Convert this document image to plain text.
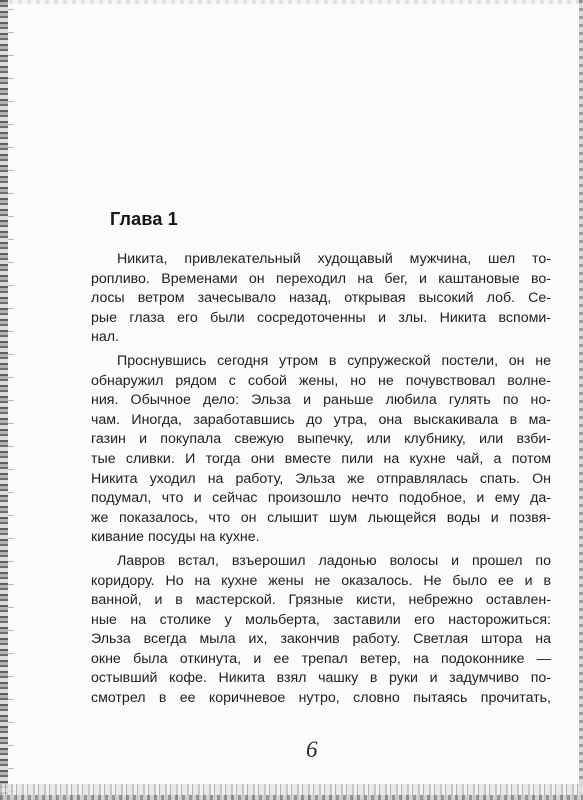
Глава 1

Никита, привлекательный худощавый мужчина, шел то-
ропливо. Временами он переходил на бег, и каштановые во-
лосы ветром зачесывало назад, открывая высокий лоб. Се-
рые глаза его были сосредоточенны и злы. Никита вспоми-
нал.

Проснувшись сегодня утром в супружеской постели, он не
обнаружил рядом с собой жены, но не почувствовал волне-
ния. Обычное дело: Эльза и раньше любила гулять по но-
чам. Иногда, заработавшись до утра, она выскакивала в ма-
газин и покупала свежую выпечку, или клубнику, или взби-
тые сливки. И тогда они вместе пили на кухне чай, а потом
Никита уходил на работу, Эльза же отправлялась спать. Он
подумал, что и сейчас произошло нечто подобное, и ему да-
же показалось, что он слышит шум льющейся воды и позвя-
кивание посуды на кухне.

Лавров встал, взъерошил ладонью волосы и прошел по
коридору. Но на кухне жены не оказалось. Не было ее и в
ванной, и в мастерской. Грязные кисти, небрежно оставлен-
ные на столике у мольберта, заставили его насторожиться:
Эльза всегда мыла их, закончив работу. Светлая штора на
окне была откинута, и ее трепал ветер, на подоконнике —
остывший кофе. Никита взял чашку в руки и задумчиво по-
смотрел в ее коричневое нутро, словно пытаясь прочитать,

6
